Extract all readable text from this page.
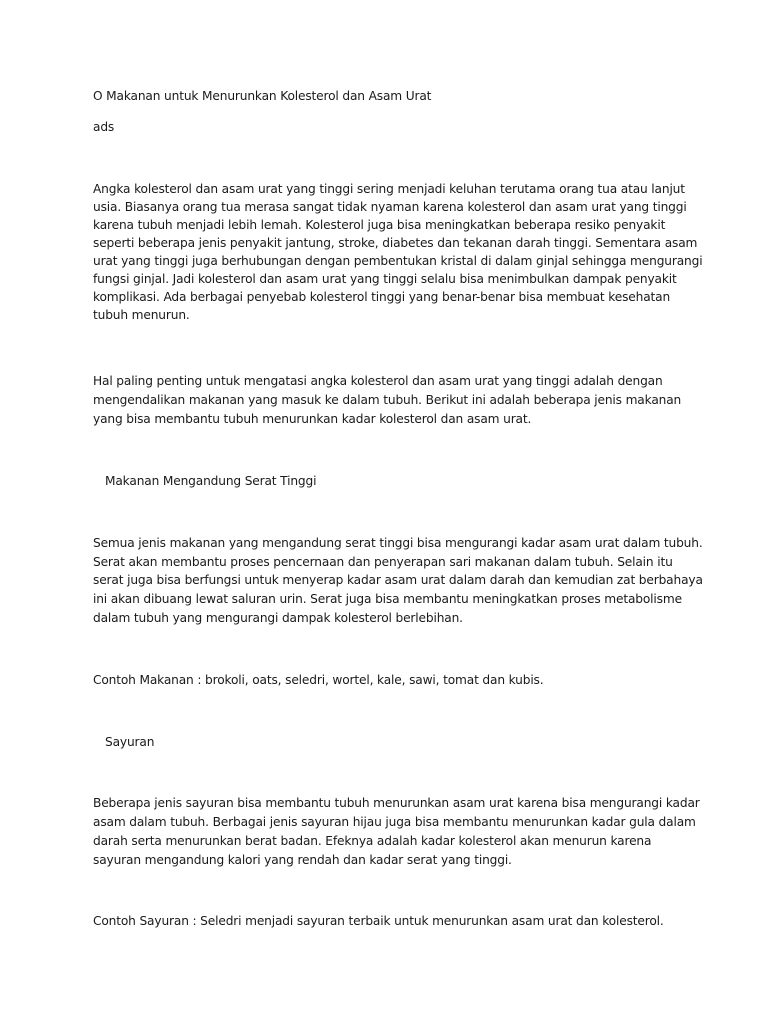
O Makanan untuk Menurunkan Kolesterol dan Asam Urat
ads
Angka kolesterol dan asam urat yang tinggi sering menjadi keluhan terutama orang tua atau lanjut
usia. Biasanya orang tua merasa sangat tidak nyaman karena kolesterol dan asam urat yang tinggi
karena tubuh menjadi lebih lemah. Kolesterol juga bisa meningkatkan beberapa resiko penyakit
seperti beberapa jenis penyakit jantung, stroke, diabetes dan tekanan darah tinggi. Sementara asam
urat yang tinggi juga berhubungan dengan pembentukan kristal di dalam ginjal sehingga mengurangi
fungsi ginjal. Jadi kolesterol dan asam urat yang tinggi selalu bisa menimbulkan dampak penyakit
komplikasi. Ada berbagai penyebab kolesterol tinggi yang benar-benar bisa membuat kesehatan
tubuh menurun.
Hal paling penting untuk mengatasi angka kolesterol dan asam urat yang tinggi adalah dengan
mengendalikan makanan yang masuk ke dalam tubuh. Berikut ini adalah beberapa jenis makanan
yang bisa membantu tubuh menurunkan kadar kolesterol dan asam urat.
Makanan Mengandung Serat Tinggi
Semua jenis makanan yang mengandung serat tinggi bisa mengurangi kadar asam urat dalam tubuh.
Serat akan membantu proses pencernaan dan penyerapan sari makanan dalam tubuh. Selain itu
serat juga bisa berfungsi untuk menyerap kadar asam urat dalam darah dan kemudian zat berbahaya
ini akan dibuang lewat saluran urin. Serat juga bisa membantu meningkatkan proses metabolisme
dalam tubuh yang mengurangi dampak kolesterol berlebihan.
Contoh Makanan : brokoli, oats, seledri, wortel, kale, sawi, tomat dan kubis.
Sayuran
Beberapa jenis sayuran bisa membantu tubuh menurunkan asam urat karena bisa mengurangi kadar
asam dalam tubuh. Berbagai jenis sayuran hijau juga bisa membantu menurunkan kadar gula dalam
darah serta menurunkan berat badan. Efeknya adalah kadar kolesterol akan menurun karena
sayuran mengandung kalori yang rendah dan kadar serat yang tinggi.
Contoh Sayuran : Seledri menjadi sayuran terbaik untuk menurunkan asam urat dan kolesterol.
